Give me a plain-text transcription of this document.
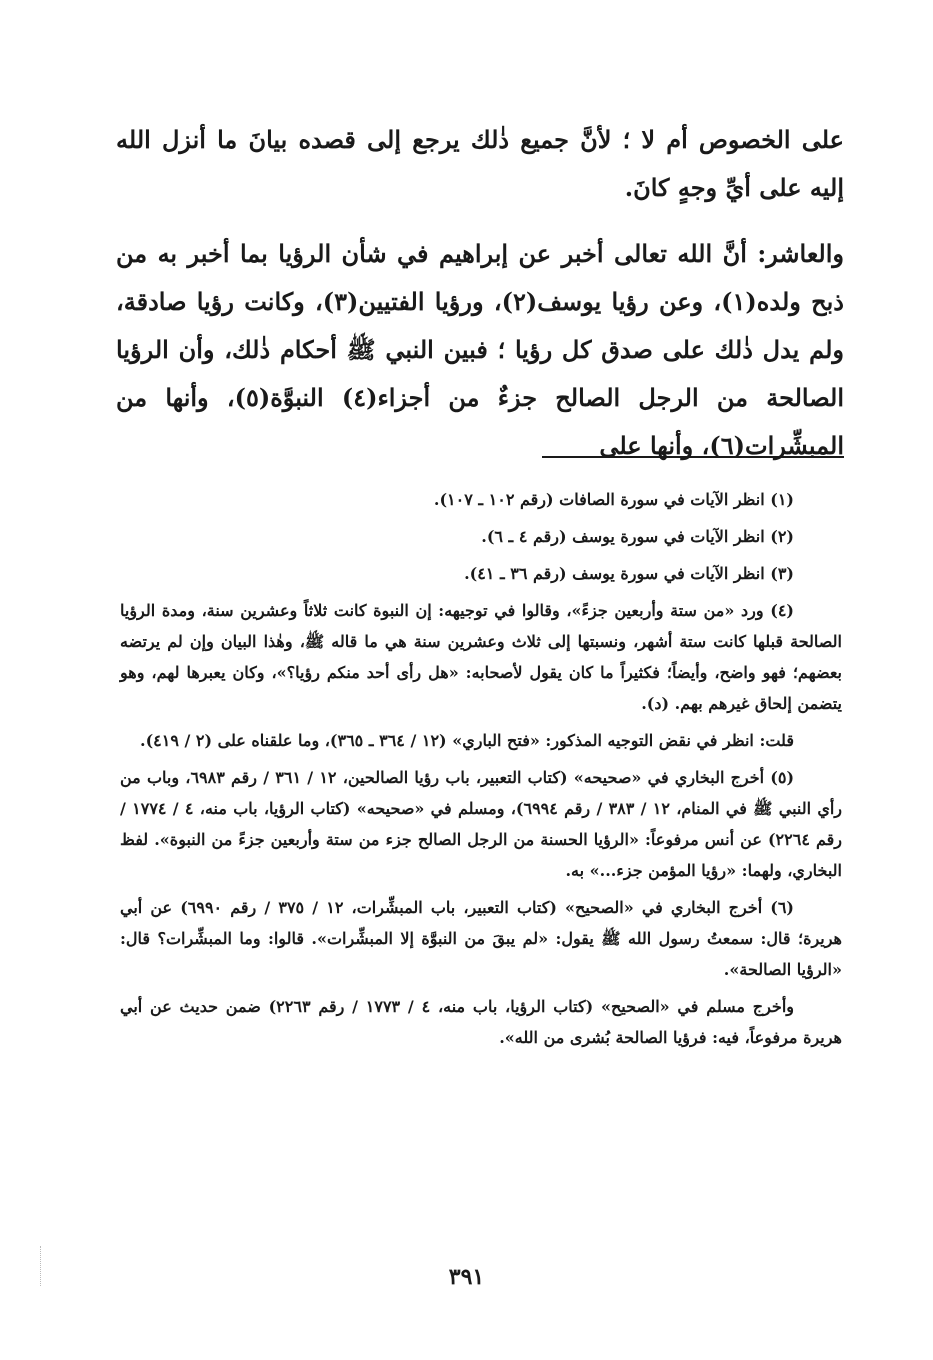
على الخصوص أم لا ؛ لأنَّ جميع ذٰلك يرجع إلى قصده بيانَ ما أنزل الله إليه على أيِّ وجهٍ كانَ.

والعاشر: أنَّ الله تعالى أخبر عن إبراهيم في شأن الرؤيا بما أخبر به من ذبح ولده(١)، وعن رؤيا يوسف(٢)، ورؤيا الفتيين(٣)، وكانت رؤيا صادقة، ولم يدل ذٰلك على صدق كل رؤيا ؛ فبين النبي ﷺ أحكام ذٰلك، وأن الرؤيا الصالحة من الرجل الصالح جزءٌ من أجزاء(٤) النبوَّة(٥)، وأنها من المبشِّرات(٦)، وأنها على

(١) انظر الآيات في سورة الصافات (رقم ١٠٢ ـ ١٠٧).

(٢) انظر الآيات في سورة يوسف (رقم ٤ ـ ٦).

(٣) انظر الآيات في سورة يوسف (رقم ٣٦ ـ ٤١).

(٤) ورد «من ستة وأربعين جزءً»، وقالوا في توجيهه: إن النبوة كانت ثلاثاً وعشرين سنة، ومدة الرؤيا الصالحة قبلها كانت ستة أشهر، ونسبتها إلى ثلاث وعشرين سنة هي ما قاله ﷺ، وهٰذا البيان وإن لم يرتضه بعضهم؛ فهو واضح، وأيضاً؛ فكثيراً ما كان يقول لأصحابه: «هل رأى أحد منكم رؤيا؟»، وكان يعبرها لهم، وهو يتضمن إلحاق غيرهم بهم. (د).

قلت: انظر في نقض التوجيه المذكور: «فتح الباري» (١٢ / ٣٦٤ ـ ٣٦٥)، وما علقناه على (٢ / ٤١٩).

(٥) أخرج البخاري في «صحيحه» (كتاب التعبير، باب رؤيا الصالحين، ١٢ / ٣٦١ / رقم ٦٩٨٣، وباب من رأي النبي ﷺ في المنام، ١٢ / ٣٨٣ / رقم ٦٩٩٤)، ومسلم في «صحيحه» (كتاب الرؤيا، باب منه، ٤ / ١٧٧٤ / رقم ٢٢٦٤) عن أنس مرفوعاً: «الرؤيا الحسنة من الرجل الصالح جزء من ستة وأربعين جزءً من النبوة». لفظ البخاري، ولهما: «رؤيا المؤمن جزء...» به.

(٦) أخرج البخاري في «الصحيح» (كتاب التعبير، باب المبشِّرات، ١٢ / ٣٧٥ / رقم ٦٩٩٠) عن أبي هريرة؛ قال: سمعتُ رسول الله ﷺ يقول: «لم يبقَ من النبوَّة إلا المبشِّرات». قالوا: وما المبشِّرات؟ قال: «الرؤيا الصالحة».

وأخرج مسلم في «الصحيح» (كتاب الرؤيا، باب منه، ٤ / ١٧٧٣ / رقم ٢٢٦٣) ضمن حديث عن أبي هريرة مرفوعاً، فيه: فرؤيا الصالحة بُشرى من الله».

٣٩١
